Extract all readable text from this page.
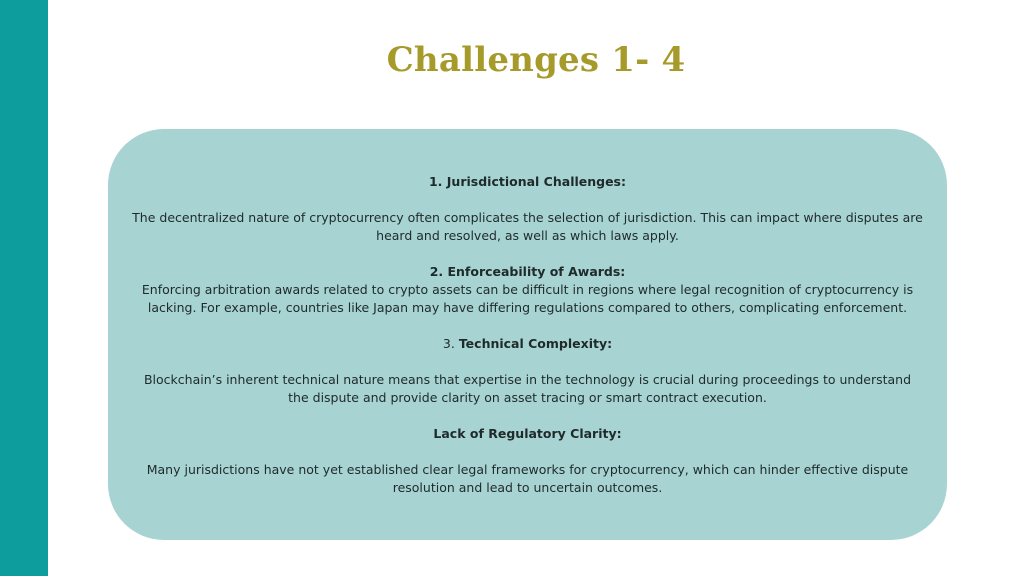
Challenges 1- 4

1. Jurisdictional Challenges:

The decentralized nature of cryptocurrency often complicates the selection of jurisdiction. This can impact where disputes are heard and resolved, as well as which laws apply.

2. Enforceability of Awards:

Enforcing arbitration awards related to crypto assets can be difficult in regions where legal recognition of cryptocurrency is lacking. For example, countries like Japan may have differing regulations compared to others, complicating enforcement.

3. Technical Complexity:

Blockchain’s inherent technical nature means that expertise in the technology is crucial during proceedings to understand the dispute and provide clarity on asset tracing or smart contract execution.

Lack of Regulatory Clarity:

Many jurisdictions have not yet established clear legal frameworks for cryptocurrency, which can hinder effective dispute resolution and lead to uncertain outcomes.
